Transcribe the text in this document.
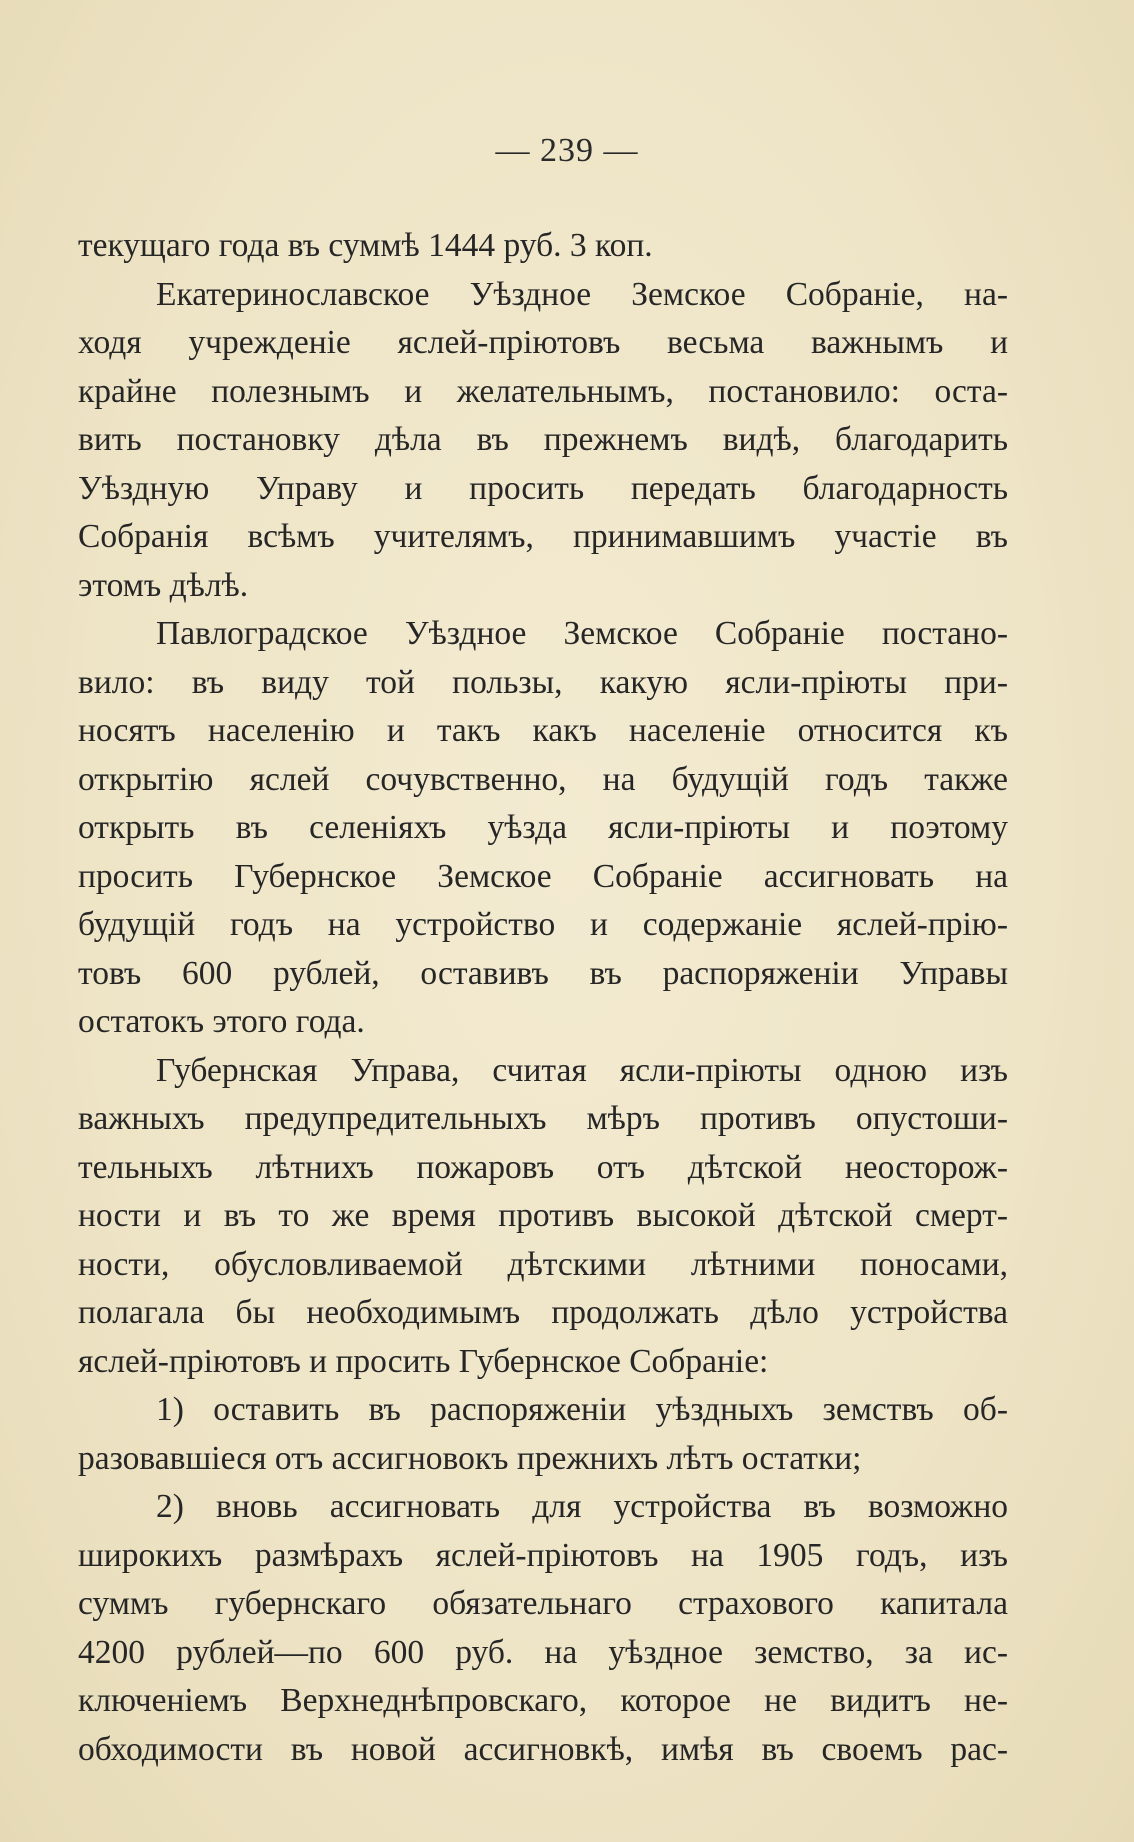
— 239 —
текущаго года въ суммѣ 1444 руб. 3 коп.
Екатеринославское Уѣздное Земское Собраніе, на-
ходя учрежденіе яслей-пріютовъ весьма важнымъ и
крайне полезнымъ и желательнымъ, постановило: оста-
вить постановку дѣла въ прежнемъ видѣ, благодарить
Уѣздную Управу и просить передать благодарность
Собранія всѣмъ учителямъ, принимавшимъ участіе въ
этомъ дѣлѣ.
Павлоградское Уѣздное Земское Собраніе постано-
вило: въ виду той пользы, какую ясли-пріюты при-
носятъ населенію и такъ какъ населеніе относится къ
открытію яслей сочувственно, на будущій годъ также
открыть въ селеніяхъ уѣзда ясли-пріюты и поэтому
просить Губернское Земское Собраніе ассигновать на
будущій годъ на устройство и содержаніе яслей-прію-
товъ 600 рублей, оставивъ въ распоряженіи Управы
остатокъ этого года.
Губернская Управа, считая ясли-пріюты одною изъ
важныхъ предупредительныхъ мѣръ противъ опустоши-
тельныхъ лѣтнихъ пожаровъ отъ дѣтской неосторож-
ности и въ то же время противъ высокой дѣтской смерт-
ности, обусловливаемой дѣтскими лѣтними поносами,
полагала бы необходимымъ продолжать дѣло устройства
яслей-пріютовъ и просить Губернское Собраніе:
1) оставить въ распоряженіи уѣздныхъ земствъ об-
разовавшіеся отъ ассигновокъ прежнихъ лѣтъ остатки;
2) вновь ассигновать для устройства въ возможно
широкихъ размѣрахъ яслей-пріютовъ на 1905 годъ, изъ
суммъ губернскаго обязательнаго страхового капитала
4200 рублей—по 600 руб. на уѣздное земство, за ис-
ключеніемъ Верхнеднѣпровскаго, которое не видитъ не-
обходимости въ новой ассигновкѣ, имѣя въ своемъ рас-
